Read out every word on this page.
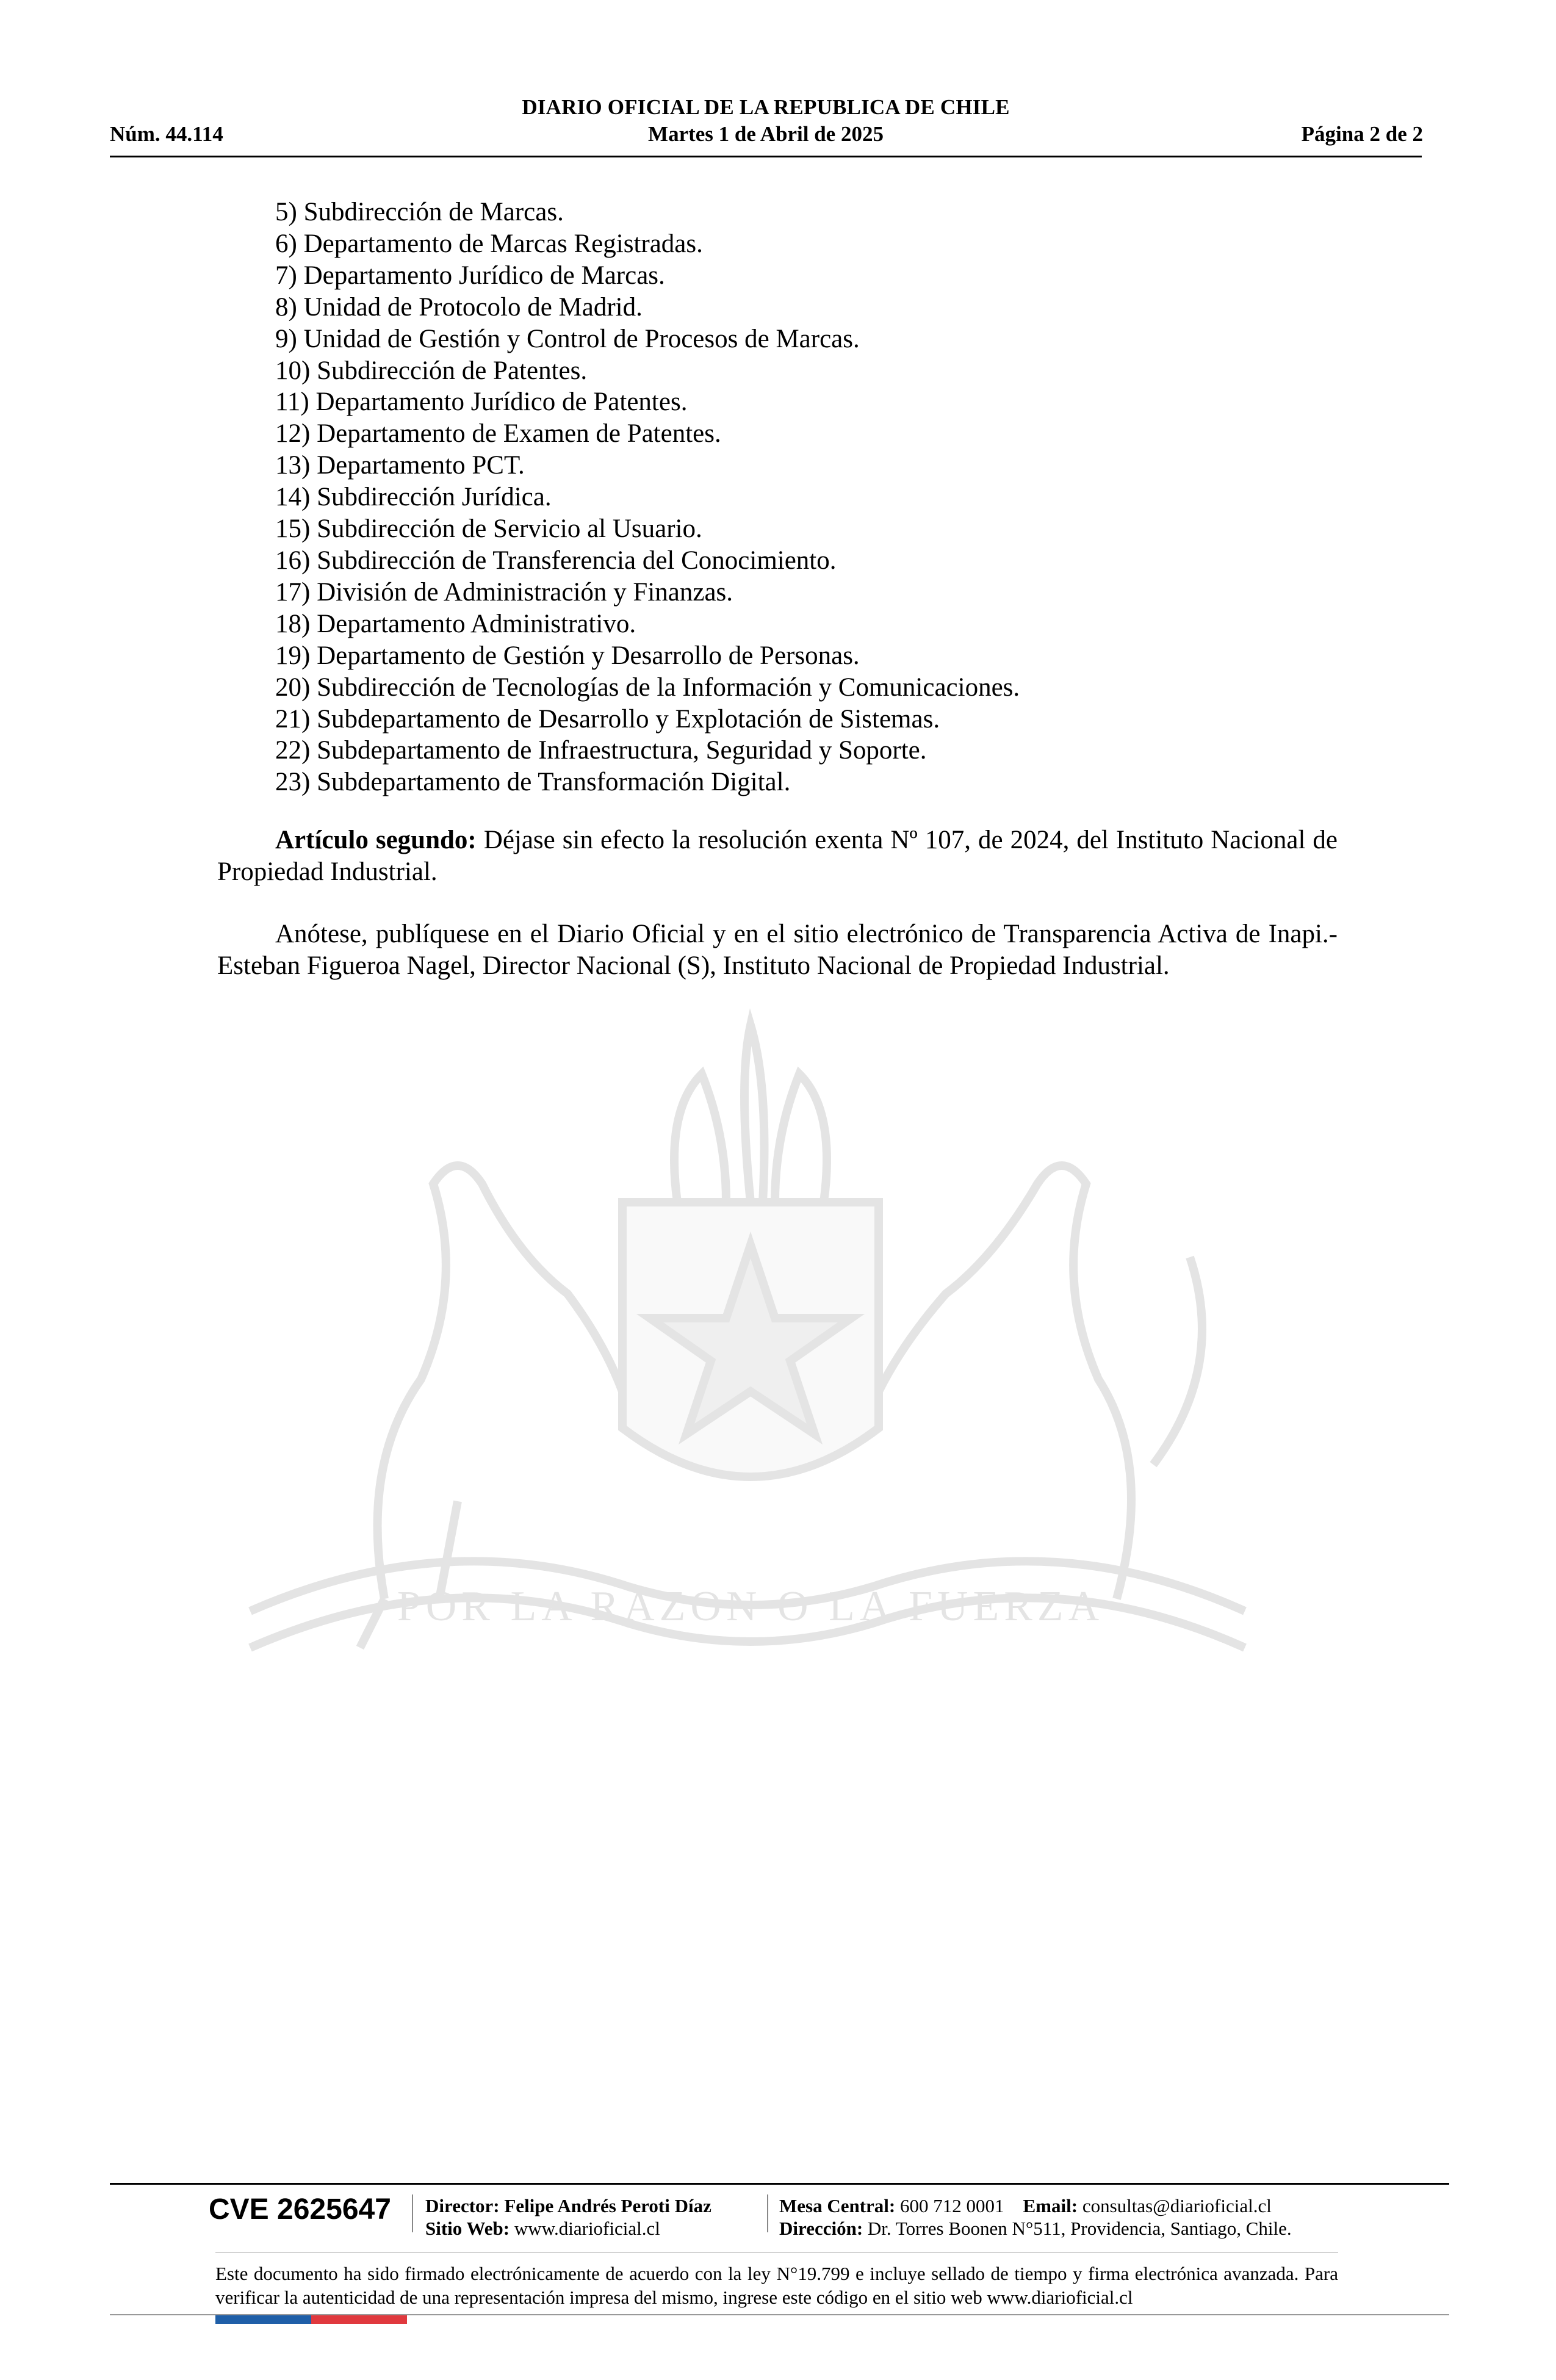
DIARIO OFICIAL DE LA REPUBLICA DE CHILE
Núm. 44.114	Martes 1 de Abril de 2025	Página 2 de 2
POR LA RAZON O LA FUERZA
5) Subdirección de Marcas.
6) Departamento de Marcas Registradas.
7) Departamento Jurídico de Marcas.
8) Unidad de Protocolo de Madrid.
9) Unidad de Gestión y Control de Procesos de Marcas.
10) Subdirección de Patentes.
11) Departamento Jurídico de Patentes.
12) Departamento de Examen de Patentes.
13) Departamento PCT.
14) Subdirección Jurídica.
15) Subdirección de Servicio al Usuario.
16) Subdirección de Transferencia del Conocimiento.
17) División de Administración y Finanzas.
18) Departamento Administrativo.
19) Departamento de Gestión y Desarrollo de Personas.
20) Subdirección de Tecnologías de la Información y Comunicaciones.
21) Subdepartamento de Desarrollo y Explotación de Sistemas.
22) Subdepartamento de Infraestructura, Seguridad y Soporte.
23) Subdepartamento de Transformación Digital.
Artículo segundo: Déjase sin efecto la resolución exenta Nº 107, de 2024, del Instituto Nacional de Propiedad Industrial.
Anótese, publíquese en el Diario Oficial y en el sitio electrónico de Transparencia Activa de Inapi.- Esteban Figueroa Nagel, Director Nacional (S), Instituto Nacional de Propiedad Industrial.
CVE 2625647 Director: Felipe Andrés Peroti Díaz
Sitio Web: www.diarioficial.cl
Mesa Central: 600 712 0001 Email: consultas@diarioficial.cl
Dirección: Dr. Torres Boonen N°511, Providencia, Santiago, Chile.
Este documento ha sido firmado electrónicamente de acuerdo con la ley N°19.799 e incluye sellado de tiempo y firma electrónica avanzada. Para verificar la autenticidad de una representación impresa del mismo, ingrese este código en el sitio web www.diarioficial.cl
